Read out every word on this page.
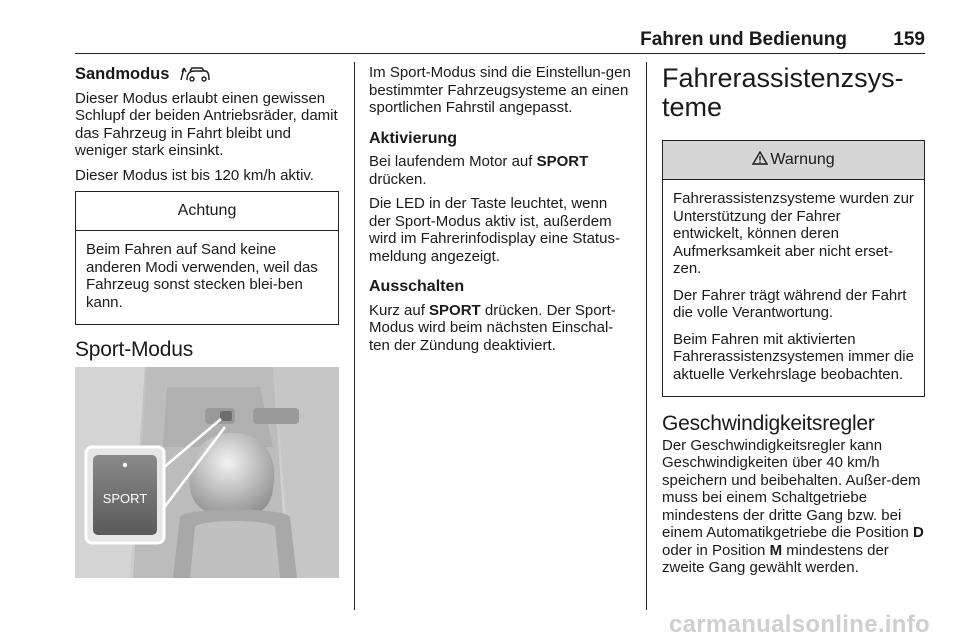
Fahren und Bedienung 159
Sandmodus

Dieser Modus erlaubt einen gewissen Schlupf der beiden Antriebsräder, damit das Fahrzeug in Fahrt bleibt und weniger stark einsinkt.

Dieser Modus ist bis 120 km/h aktiv.

Achtung

Beim Fahren auf Sand keine anderen Modi verwenden, weil das Fahrzeug sonst stecken blei-ben kann.

Sport-Modus
SPORT

Im Sport-Modus sind die Einstellun-gen bestimmter Fahrzeugsysteme an einen sportlichen Fahrstil angepasst.

Aktivierung

Bei laufendem Motor auf SPORT drücken.

Die LED in der Taste leuchtet, wenn der Sport-Modus aktiv ist, außerdem wird im Fahrerinfodisplay eine Status-meldung angezeigt.

Ausschalten

Kurz auf SPORT drücken. Der Sport-Modus wird beim nächsten Einschal-ten der Zündung deaktiviert.

Fahrerassistenzsys-teme
Warnung

Fahrerassistenzsysteme wurden zur Unterstützung der Fahrer entwickelt, können deren Aufmerksamkeit aber nicht erset-zen.

Der Fahrer trägt während der Fahrt die volle Verantwortung.

Beim Fahren mit aktivierten Fahrerassistenzsystemen immer die aktuelle Verkehrslage beobachten.

Geschwindigkeitsregler

Der Geschwindigkeitsregler kann Geschwindigkeiten über 40 km/h speichern und beibehalten. Außer-dem muss bei einem Schaltgetriebe mindestens der dritte Gang bzw. bei einem Automatikgetriebe die Position D oder in Position M mindestens der zweite Gang gewählt werden.

carmanualsonline.info
